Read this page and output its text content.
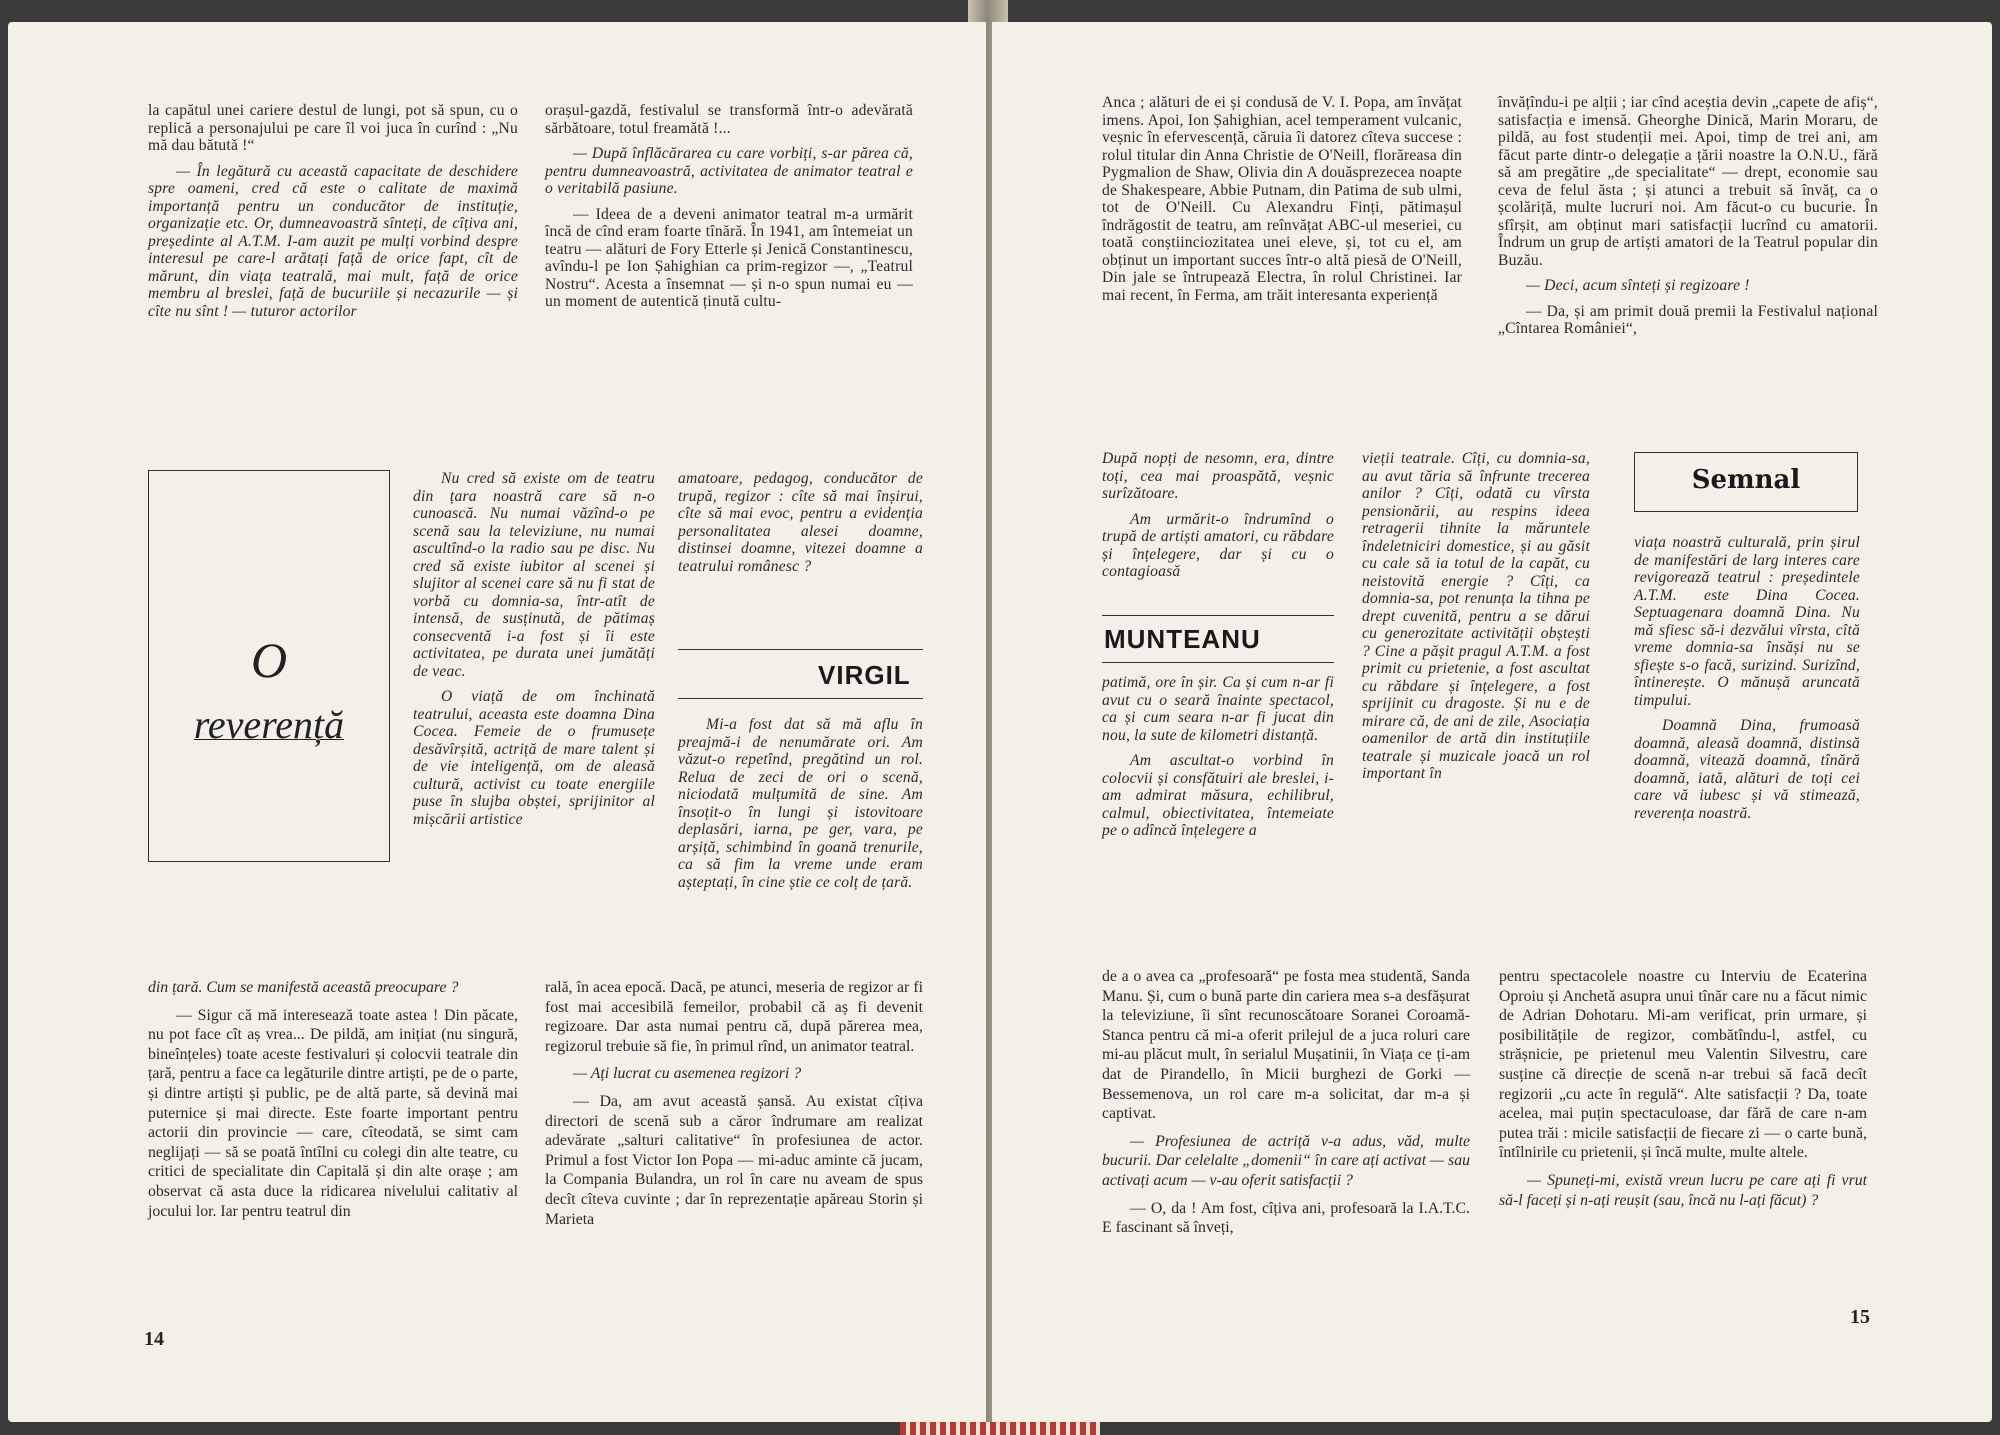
la capătul unei cariere destul de lungi, pot să spun, cu o replică a personajului pe care îl voi juca în curînd : „Nu mă dau bătută !“

— În legătură cu această capacitate de deschidere spre oameni, cred că este o calitate de maximă importanță pentru un conducător de instituție, organizație etc. Or, dumneavoastră sînteți, de cîțiva ani, președinte al A.T.M. I-am auzit pe mulți vorbind despre interesul pe care-l arătați față de orice fapt, cît de mărunt, din viața teatrală, mai mult, față de orice membru al breslei, față de bucuriile și necazurile — și cîte nu sînt ! — tuturor actorilor

orașul-gazdă, festivalul se transformă într-o adevărată sărbătoare, totul freamătă !...

— După înflăcărarea cu care vorbiți, s-ar părea că, pentru dumneavoastră, activitatea de animator teatral e o veritabilă pasiune.

— Ideea de a deveni animator teatral m-a urmărit încă de cînd eram foarte tînără. În 1941, am întemeiat un teatru — alături de Fory Etterle și Jenică Constantinescu, avîndu-l pe Ion Șahighian ca prim-regizor —, „Teatrul Nostru“. Acesta a însemnat — și n-o spun numai eu — un moment de autentică ținută cultu-

O
reverență

Nu cred să existe om de teatru din țara noastră care să n-o cunoască. Nu numai văzînd-o pe scenă sau la televiziune, nu numai ascultînd-o la radio sau pe disc. Nu cred să existe iubitor al scenei și slujitor al scenei care să nu fi stat de vorbă cu domnia-sa, într-atît de intensă, de susținută, de pătimaș consecventă i-a fost și îi este activitatea, pe durata unei jumătăți de veac.

O viață de om închinată teatrului, aceasta este doamna Dina Cocea. Femeie de o frumusețe desăvîrșită, actriță de mare talent și de vie inteligență, om de aleasă cultură, activist cu toate energiile puse în slujba obștei, sprijinitor al mișcării artistice

amatoare, pedagog, conducător de trupă, regizor : cîte să mai înșirui, cîte să mai evoc, pentru a evidenția personalitatea alesei doamne, distinsei doamne, vitezei doamne a teatrului românesc ?

VIRGIL

Mi-a fost dat să mă aflu în preajmă-i de nenumărate ori. Am văzut-o repetînd, pregătind un rol. Relua de zeci de ori o scenă, niciodată mulțumită de sine. Am însoțit-o în lungi și istovitoare deplasări, iarna, pe ger, vara, pe arșiță, schimbind în goană trenurile, ca să fim la vreme unde eram așteptați, în cine știe ce colț de țară.

din țară. Cum se manifestă această preocupare ?

— Sigur că mă interesează toate astea ! Din păcate, nu pot face cît aș vrea... De pildă, am inițiat (nu singură, bineînțeles) toate aceste festivaluri și colocvii teatrale din țară, pentru a face ca legăturile dintre artiști, pe de o parte, și dintre artiști și public, pe de altă parte, să devină mai puternice și mai directe. Este foarte important pentru actorii din provincie — care, cîteodată, se simt cam neglijați — să se poată întîlni cu colegi din alte teatre, cu critici de specialitate din Capitală și din alte orașe ; am observat că asta duce la ridicarea nivelului calitativ al jocului lor. Iar pentru teatrul din

rală, în acea epocă. Dacă, pe atunci, meseria de regizor ar fi fost mai accesibilă femeilor, probabil că aș fi devenit regizoare. Dar asta numai pentru că, după părerea mea, regizorul trebuie să fie, în primul rînd, un animator teatral.

— Ați lucrat cu asemenea regizori ?

— Da, am avut această șansă. Au existat cîțiva directori de scenă sub a căror îndrumare am realizat adevărate „salturi calitative“ în profesiunea de actor. Primul a fost Victor Ion Popa — mi-aduc aminte că jucam, la Compania Bulandra, un rol în care nu aveam de spus decît cîteva cuvinte ; dar în reprezentație apăreau Storin și Marieta

14

Anca ; alături de ei și condusă de V. I. Popa, am învățat imens. Apoi, Ion Șahighian, acel temperament vulcanic, veșnic în efervescență, căruia îi datorez cîteva succese : rolul titular din Anna Christie de O'Neill, florăreasa din Pygmalion de Shaw, Olivia din A douăsprezecea noapte de Shakespeare, Abbie Putnam, din Patima de sub ulmi, tot de O'Neill. Cu Alexandru Finți, pătimașul îndrăgostit de teatru, am reînvățat ABC-ul meseriei, cu toată conștiinciozitatea unei eleve, și, tot cu el, am obținut un important succes într-o altă piesă de O'Neill, Din jale se întrupează Electra, în rolul Christinei. Iar mai recent, în Ferma, am trăit interesanta experiență

învățîndu-i pe alții ; iar cînd aceștia devin „capete de afiș“, satisfacția e imensă. Gheorghe Dinică, Marin Moraru, de pildă, au fost studenții mei. Apoi, timp de trei ani, am făcut parte dintr-o delegație a țării noastre la O.N.U., fără să am pregătire „de specialitate“ — drept, economie sau ceva de felul ăsta ; și atunci a trebuit să învăț, ca o școlăriță, multe lucruri noi. Am făcut-o cu bucurie. În sfîrșit, am obținut mari satisfacții lucrînd cu amatorii. Îndrum un grup de artiști amatori de la Teatrul popular din Buzău.

— Deci, acum sînteți și regizoare !

— Da, și am primit două premii la Festivalul național „Cîntarea României“,

După nopți de nesomn, era, dintre toți, cea mai proaspătă, veșnic surîzătoare.

Am urmărit-o îndrumînd o trupă de artiști amatori, cu răbdare și înțelegere, dar și cu o contagioasă

MUNTEANU

patimă, ore în șir. Ca și cum n-ar fi avut cu o seară înainte spectacol, ca și cum seara n-ar fi jucat din nou, la sute de kilometri distanță.

Am ascultat-o vorbind în colocvii și consfătuiri ale breslei, i-am admirat măsura, echilibrul, calmul, obiectivitatea, întemeiate pe o adîncă înțelegere a

vieții teatrale. Cîți, cu domnia-sa, au avut tăria să înfrunte trecerea anilor ? Cîți, odată cu vîrsta pensionării, au respins ideea retragerii tihnite la măruntele îndeletniciri domestice, și au găsit cu cale să ia totul de la capăt, cu neistovită energie ? Cîți, ca domnia-sa, pot renunța la tihna pe drept cuvenită, pentru a se dărui cu generozitate activității obștești ? Cine a pășit pragul A.T.M. a fost primit cu prietenie, a fost ascultat cu răbdare și înțelegere, a fost sprijinit cu dragoste. Și nu e de mirare că, de ani de zile, Asociația oamenilor de artă din instituțiile teatrale și muzicale joacă un rol important în

Semnal

viața noastră culturală, prin șirul de manifestări de larg interes care revigorează teatrul : președintele A.T.M. este Dina Cocea. Septuagenara doamnă Dina. Nu mă sfiesc să-i dezvălui vîrsta, cîtă vreme domnia-sa însăși nu se sfiește s-o facă, surizind. Surizînd, întinerește. O mănușă aruncată timpului.

Doamnă Dina, frumoasă doamnă, aleasă doamnă, distinsă doamnă, vitează doamnă, tînără doamnă, iată, alături de toți cei care vă iubesc și vă stimează, reverența noastră.

de a o avea ca „profesoară“ pe fosta mea studentă, Sanda Manu. Și, cum o bună parte din cariera mea s-a desfășurat la televiziune, îi sînt recunoscătoare Soranei Coroamă-Stanca pentru că mi-a oferit prilejul de a juca roluri care mi-au plăcut mult, în serialul Mușatinii, în Viața ce ți-am dat de Pirandello, în Micii burghezi de Gorki — Bessemenova, un rol care m-a solicitat, dar m-a și captivat.

— Profesiunea de actriță v-a adus, văd, multe bucurii. Dar celelalte „domenii“ în care ați activat — sau activați acum — v-au oferit satisfacții ?

— O, da ! Am fost, cîțiva ani, profesoară la I.A.T.C. E fascinant să înveți,

pentru spectacolele noastre cu Interviu de Ecaterina Oproiu și Anchetă asupra unui tînăr care nu a făcut nimic de Adrian Dohotaru. Mi-am verificat, prin urmare, și posibilitățile de regizor, combătîndu-l, astfel, cu strășnicie, pe prietenul meu Valentin Silvestru, care susține că direcție de scenă n-ar trebui să facă decît regizorii „cu acte în regulă“. Alte satisfacții ? Da, toate acelea, mai puțin spectaculoase, dar fără de care n-am putea trăi : micile satisfacții de fiecare zi — o carte bună, întîlnirile cu prietenii, și încă multe, multe altele.

— Spuneți-mi, există vreun lucru pe care ați fi vrut să-l faceți și n-ați reușit (sau, încă nu l-ați făcut) ?

15
